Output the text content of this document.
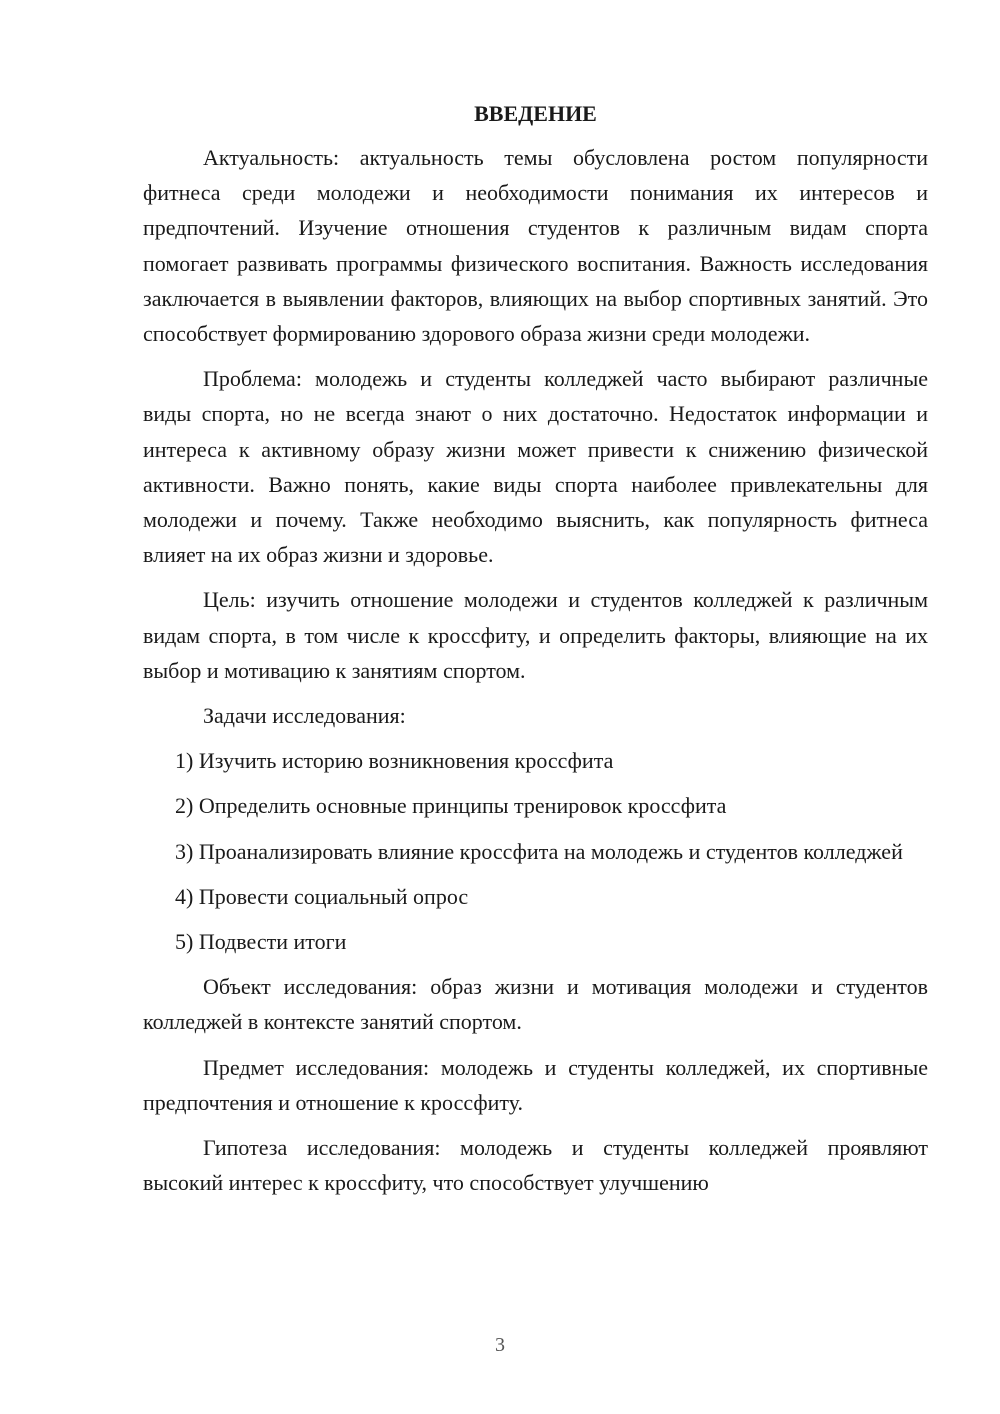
ВВЕДЕНИЕ

Актуальность: актуальность темы обусловлена ростом популярности фитнеса среди молодежи и необходимости понимания их интересов и предпочтений. Изучение отношения студентов к различным видам спорта помогает развивать программы физического воспитания. Важность исследования заключается в выявлении факторов, влияющих на выбор спортивных занятий. Это способствует формированию здорового образа жизни среди молодежи.

Проблема: молодежь и студенты колледжей часто выбирают различные виды спорта, но не всегда знают о них достаточно. Недостаток информации и интереса к активному образу жизни может привести к снижению физической активности. Важно понять, какие виды спорта наиболее привлекательны для молодежи и почему. Также необходимо выяснить, как популярность фитнеса влияет на их образ жизни и здоровье.

Цель: изучить отношение молодежи и студентов колледжей к различным видам спорта, в том числе к кроссфиту, и определить факторы, влияющие на их выбор и мотивацию к занятиям спортом.

Задачи исследования:

1) Изучить историю возникновения кроссфита

2) Определить основные принципы тренировок кроссфита

3) Проанализировать влияние кроссфита на молодежь и студентов колледжей

4) Провести социальный опрос

5) Подвести итоги

Объект исследования: образ жизни и мотивация молодежи и студентов колледжей в контексте занятий спортом.

Предмет исследования: молодежь и студенты колледжей, их спортивные предпочтения и отношение к кроссфиту.

Гипотеза исследования: молодежь и студенты колледжей проявляют высокий интерес к кроссфиту, что способствует улучшению

3
